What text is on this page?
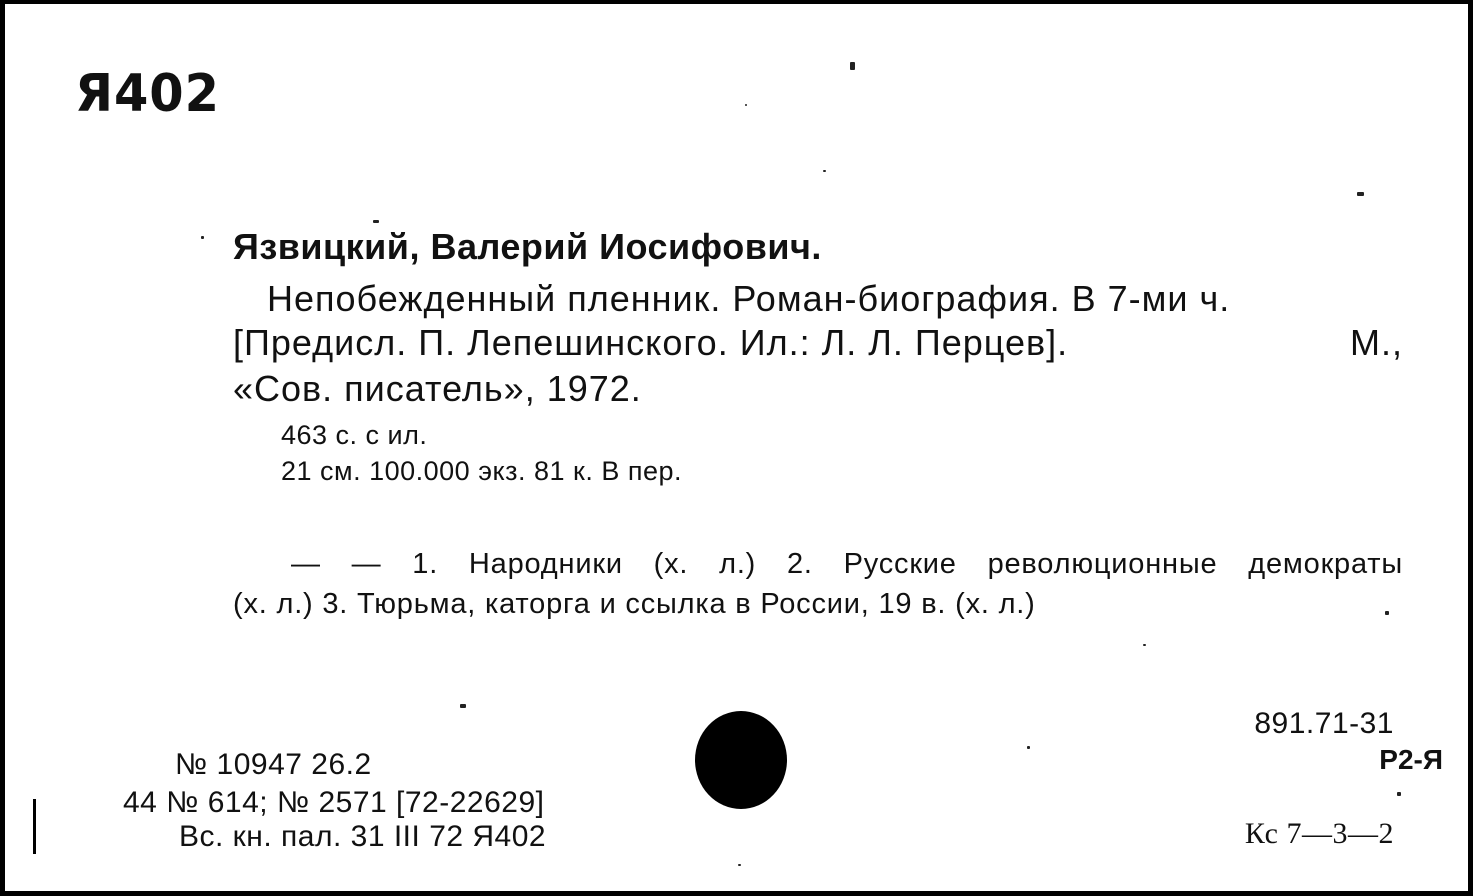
Я402
Язвицкий, Валерий Иосифович.
Непобежденный пленник. Роман-биография. В 7-ми ч.
[Предисл. П. Лепешинского. Ил.: Л. Л. Перцев].	М.,
«Сов. писатель», 1972.
463 с. с ил.
21 см. 100.000 экз. 81 к. В пер.
— — 1. Народники (х. л.) 2. Русские революционные демократы
(х. л.) 3. Тюрьма, каторга и ссылка в России, 19 в. (х. л.)
№ 10947 26.2
44 № 614; № 2571 [72-22629]
Вс. кн. пал. 31 III 72 Я402
891.71-31
Р2-Я
Кс 7—3—2
